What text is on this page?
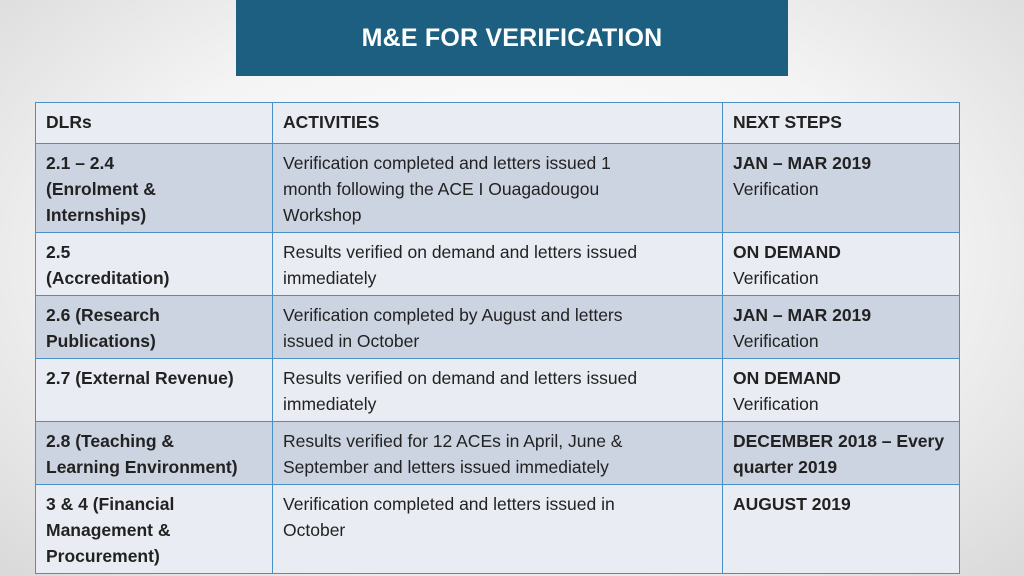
M&E FOR VERIFICATION
DLRs	ACTIVITIES	NEXT STEPS
2.1 – 2.4
(Enrolment &
Internships)	Verification completed and letters issued 1
month following the ACE I Ouagadougou
Workshop	JAN – MAR 2019
Verification

2.5
(Accreditation)	Results verified on demand and letters issued
immediately	ON DEMAND
Verification

2.6 (Research
Publications)	Verification completed by August and letters
issued in October	JAN – MAR 2019
Verification

2.7 (External Revenue)	Results verified on demand and letters issued
immediately	ON DEMAND
Verification

2.8 (Teaching &
Learning Environment)	Results verified for 12 ACEs in April, June &
September and letters issued immediately	DECEMBER 2018 – Every quarter 2019

3 & 4 (Financial
Management &
Procurement)	Verification completed and letters issued in
October	AUGUST 2019
